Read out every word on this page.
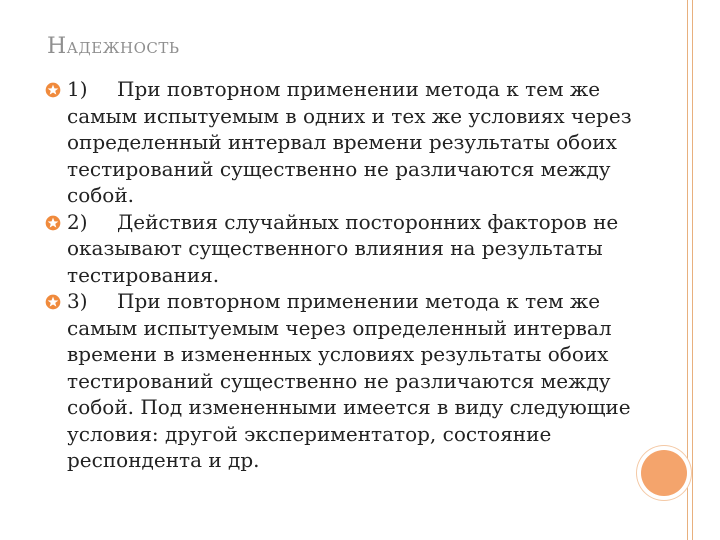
Надежность
1) При повторном применении метода к тем же самым испытуемым в одних и тех же условиях через определенный интервал времени результаты обоих тестирований существенно не различаются между собой.
2) Действия случайных посторонних факторов не оказывают существенного влияния на результаты тестирования.
3) При повторном применении метода к тем же самым испытуемым через определенный интервал времени в измененных условиях результаты обоих тестирований существенно не различаются между собой. Под измененными имеется в виду следующие условия: другой экспериментатор, состояние респондента и др.
